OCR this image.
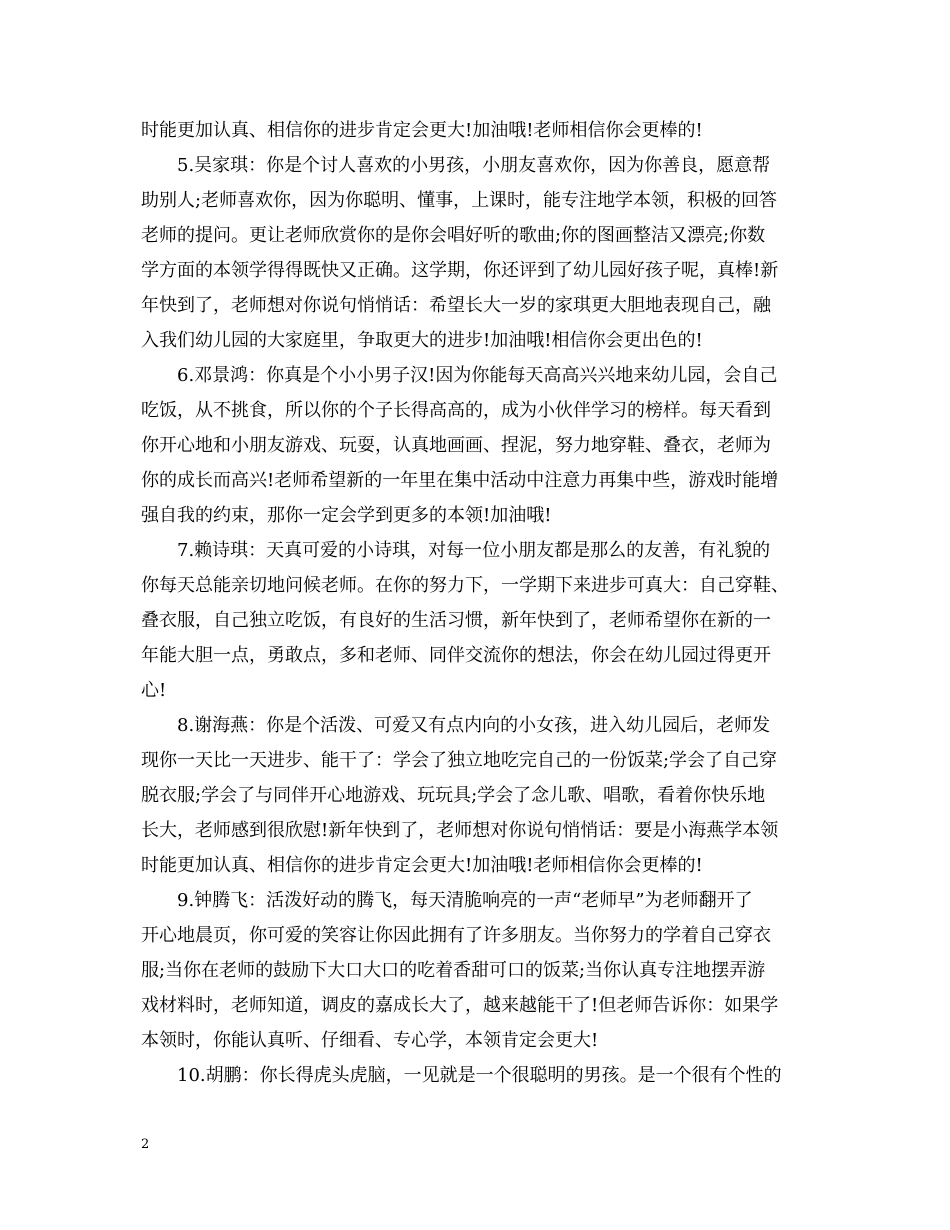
时能更加认真、相信你的进步肯定会更大!加油哦!老师相信你会更棒的!
5.吴家琪：你是个讨人喜欢的小男孩，小朋友喜欢你，因为你善良，愿意帮
助别人;老师喜欢你，因为你聪明、懂事，上课时，能专注地学本领，积极的回答
老师的提问。更让老师欣赏你的是你会唱好听的歌曲;你的图画整洁又漂亮;你数
学方面的本领学得得既快又正确。这学期，你还评到了幼儿园好孩子呢，真棒!新
年快到了，老师想对你说句悄悄话：希望长大一岁的家琪更大胆地表现自己，融
入我们幼儿园的大家庭里，争取更大的进步!加油哦!相信你会更出色的!
6.邓景鸿：你真是个小小男子汉!因为你能每天高高兴兴地来幼儿园，会自己
吃饭，从不挑食，所以你的个子长得高高的，成为小伙伴学习的榜样。每天看到
你开心地和小朋友游戏、玩耍，认真地画画、捏泥，努力地穿鞋、叠衣，老师为
你的成长而高兴!老师希望新的一年里在集中活动中注意力再集中些，游戏时能增
强自我的约束，那你一定会学到更多的本领!加油哦!
7.赖诗琪：天真可爱的小诗琪，对每一位小朋友都是那么的友善，有礼貌的
你每天总能亲切地问候老师。在你的努力下，一学期下来进步可真大：自己穿鞋、
叠衣服，自己独立吃饭，有良好的生活习惯，新年快到了，老师希望你在新的一
年能大胆一点，勇敢点，多和老师、同伴交流你的想法，你会在幼儿园过得更开
心!
8.谢海燕：你是个活泼、可爱又有点内向的小女孩，进入幼儿园后，老师发
现你一天比一天进步、能干了：学会了独立地吃完自己的一份饭菜;学会了自己穿
脱衣服;学会了与同伴开心地游戏、玩玩具;学会了念儿歌、唱歌，看着你快乐地
长大，老师感到很欣慰!新年快到了，老师想对你说句悄悄话：要是小海燕学本领
时能更加认真、相信你的进步肯定会更大!加油哦!老师相信你会更棒的!
9.钟腾飞：活泼好动的腾飞，每天清脆响亮的一声“老师早”为老师翻开了
开心地晨页，你可爱的笑容让你因此拥有了许多朋友。当你努力的学着自己穿衣
服;当你在老师的鼓励下大口大口的吃着香甜可口的饭菜;当你认真专注地摆弄游
戏材料时，老师知道，调皮的嘉成长大了，越来越能干了!但老师告诉你：如果学
本领时，你能认真听、仔细看、专心学，本领肯定会更大!
10.胡鹏：你长得虎头虎脑，一见就是一个很聪明的男孩。是一个很有个性的
2
